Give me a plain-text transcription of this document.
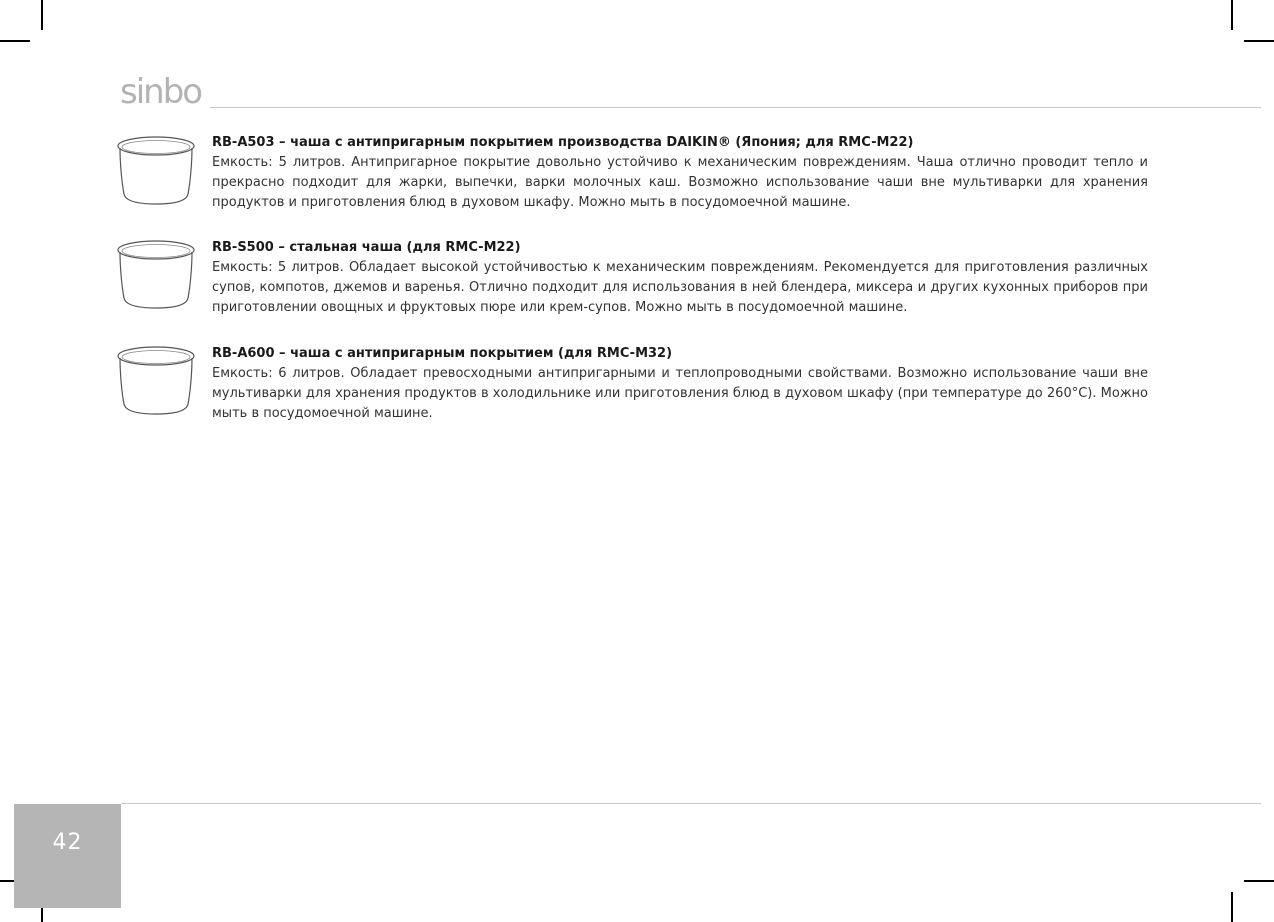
sinbo
RB-A503 – чаша с антипригарным покрытием производства DAIKIN® (Япония; для RMC-M22)
Емкость: 5 литров. Антипригарное покрытие довольно устойчиво к механическим повреждениям. Чаша отлично проводит тепло и прекрасно подходит для жарки, выпечки, варки молочных каш. Возможно использование чаши вне мультиварки для хранения продуктов и приготовления блюд в духовом шкафу. Можно мыть в посудомоечной машине.
RB-S500 – стальная чаша (для RMC-M22)
Емкость: 5 литров. Обладает высокой устойчивостью к механическим повреждениям. Рекомендуется для приготовления различных супов, компотов, джемов и варенья. Отлично подходит для использования в ней блендера, миксера и других кухонных приборов при приготовлении овощных и фруктовых пюре или крем-супов. Можно мыть в посудомоечной машине.
RB-A600 – чаша с антипригарным покрытием (для RMC-M32)
Емкость: 6 литров. Обладает превосходными антипригарными и теплопроводными свойствами. Возможно использование чаши вне мультиварки для хранения продуктов в холодильнике или приготовления блюд в духовом шкафу (при температуре до 260°C). Можно мыть в посудомоечной машине.
42
